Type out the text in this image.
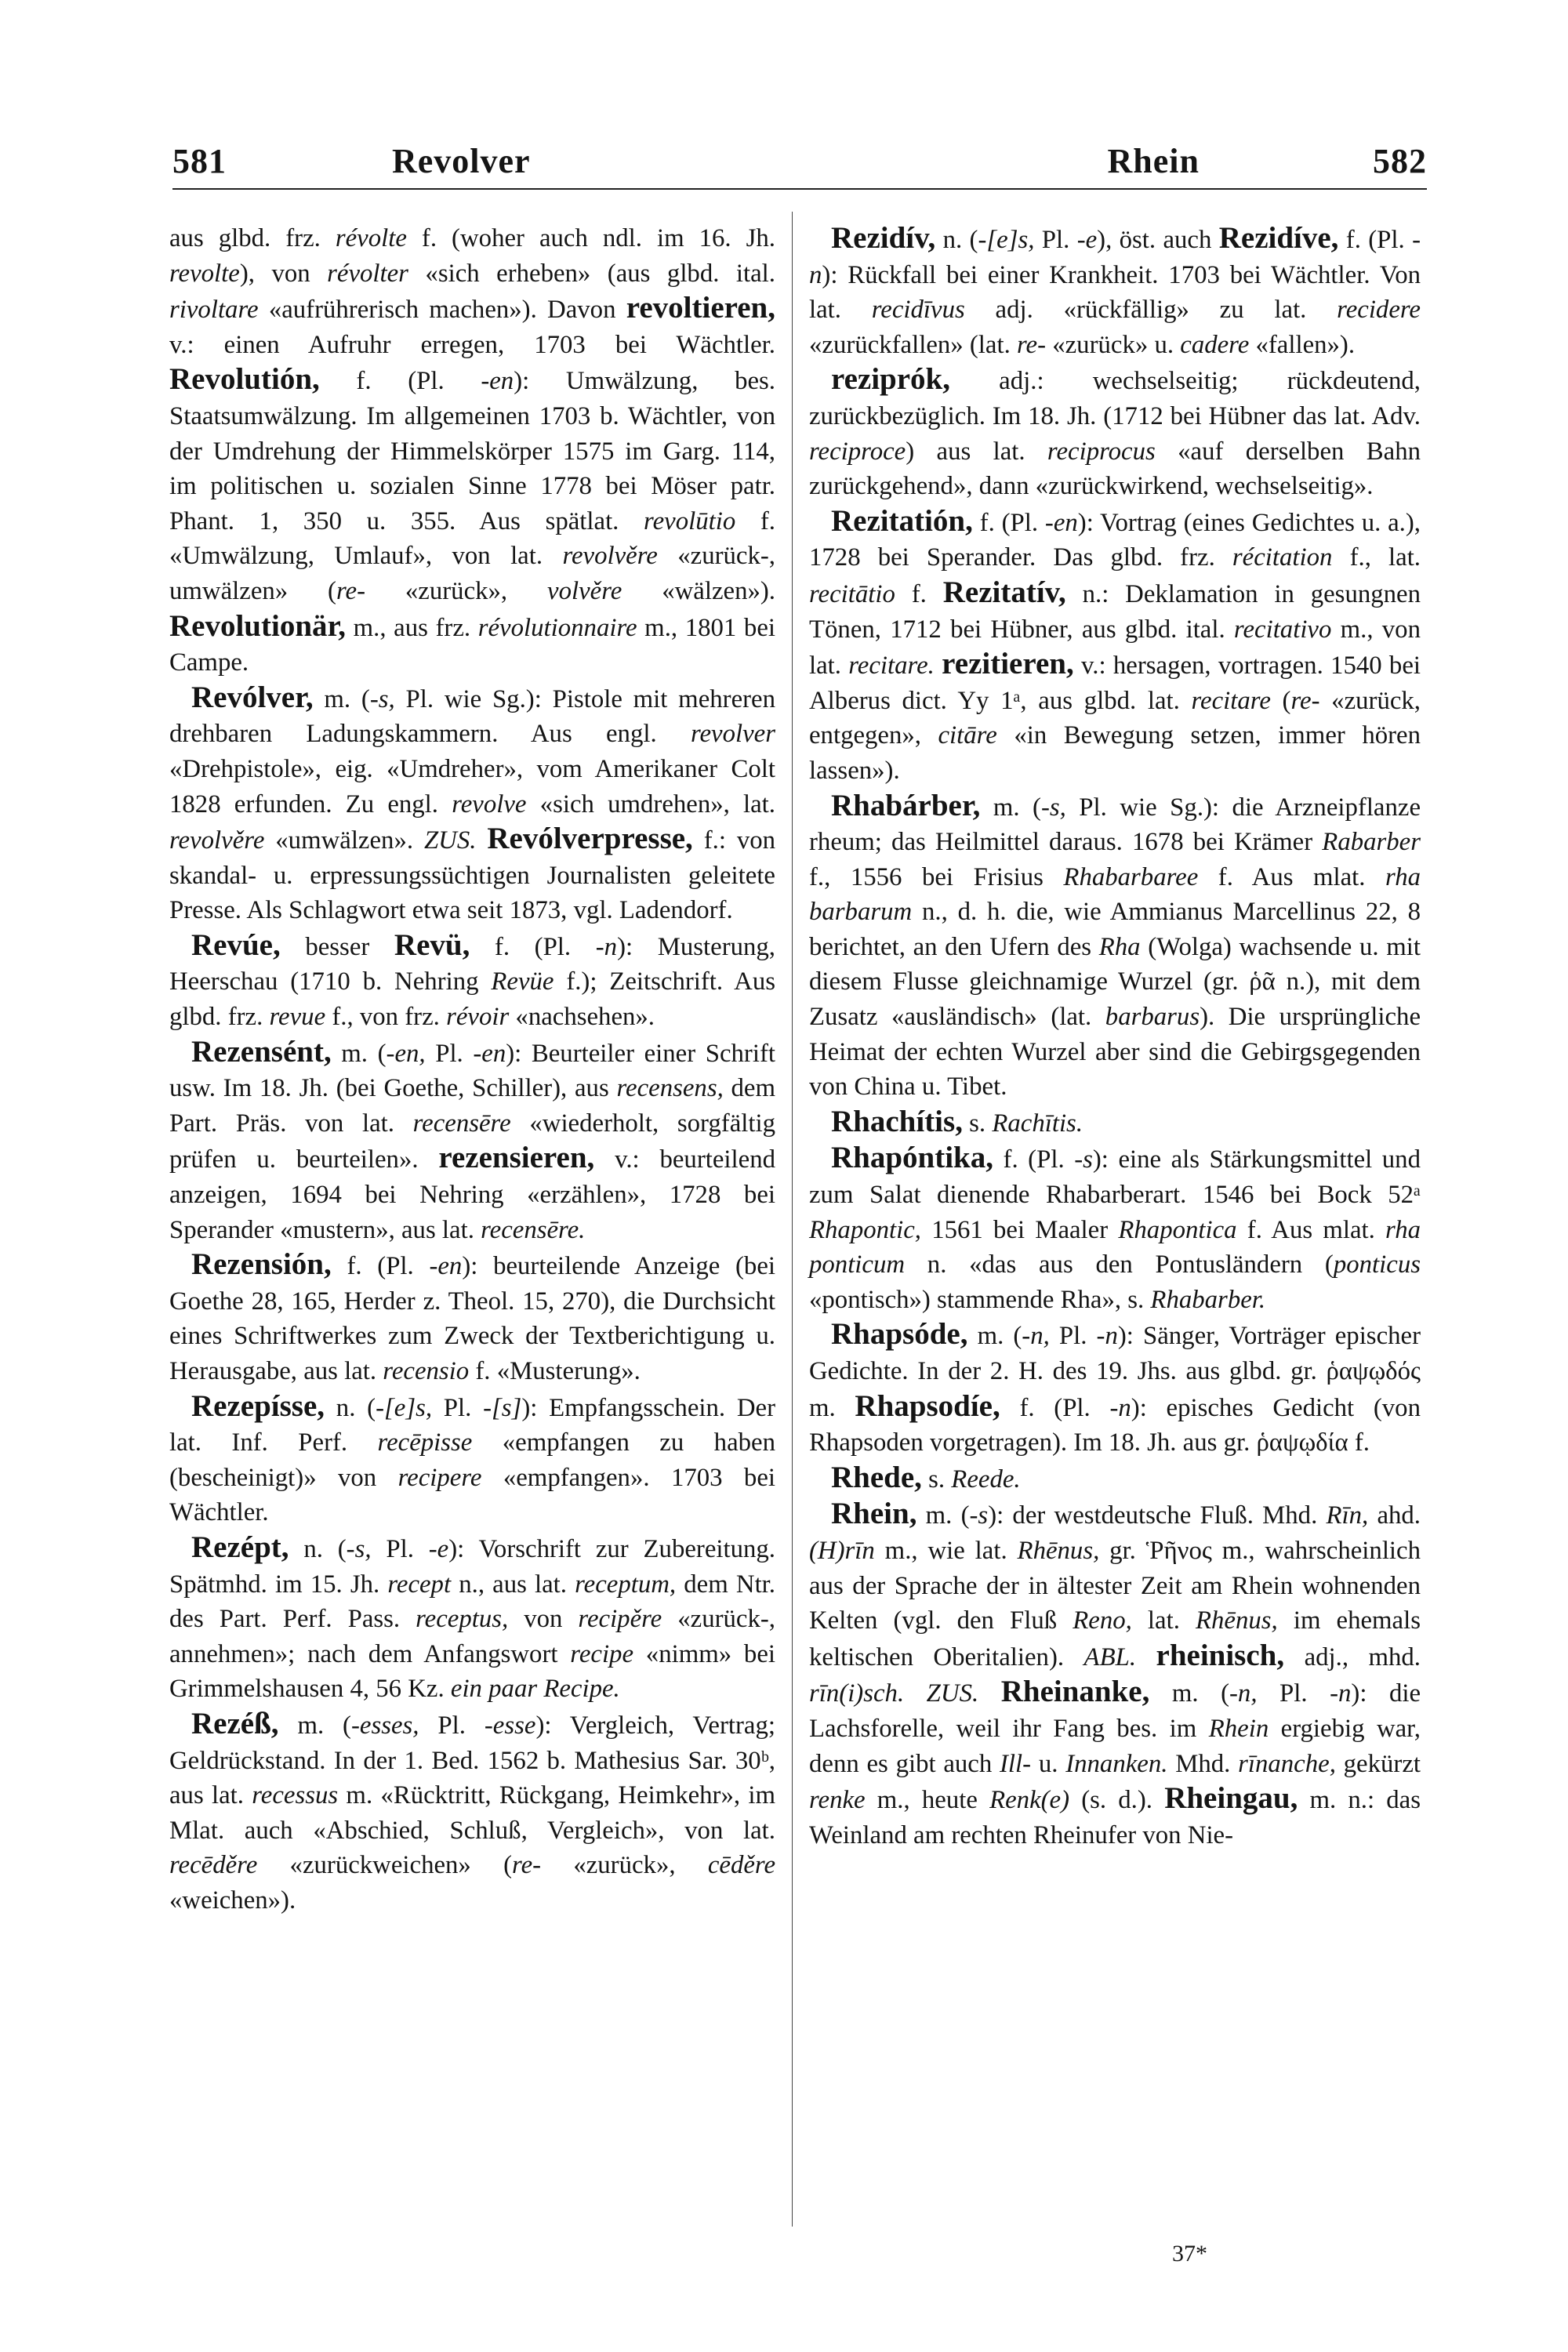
581	Revolver	Rhein	582

aus glbd. frz. révolte f. (woher auch ndl. im 16. Jh. revolte), von révolter «sich erheben» (aus glbd. ital. rivoltare «aufrührerisch machen»). Davon revoltieren, v.: einen Aufruhr erregen, 1703 bei Wächtler. Revolutión, f. (Pl. -en): Umwälzung, bes. Staatsumwälzung. Im allgemeinen 1703 b. Wächtler, von der Umdrehung der Himmelskörper 1575 im Garg. 114, im politischen u. sozialen Sinne 1778 bei Möser patr. Phant. 1, 350 u. 355. Aus spätlat. revolūtio f. «Umwälzung, Umlauf», von lat. revolvěre «zurück-, umwälzen» (re- «zurück», volvěre «wälzen»). Revolutionär, m., aus frz. révolutionnaire m., 1801 bei Campe.

Revólver, m. (-s, Pl. wie Sg.): Pistole mit mehreren drehbaren Ladungskammern. Aus engl. revolver «Drehpistole», eig. «Umdreher», vom Amerikaner Colt 1828 erfunden. Zu engl. revolve «sich umdrehen», lat. revolvěre «umwälzen». ZUS. Revólverpresse, f.: von skandal- u. erpressungssüchtigen Journalisten geleitete Presse. Als Schlagwort etwa seit 1873, vgl. Ladendorf.

Revúe, besser Revü, f. (Pl. -n): Musterung, Heerschau (1710 b. Nehring Revüe f.); Zeitschrift. Aus glbd. frz. revue f., von frz. révoir «nachsehen».

Rezensént, m. (-en, Pl. -en): Beurteiler einer Schrift usw. Im 18. Jh. (bei Goethe, Schiller), aus recensens, dem Part. Präs. von lat. recensēre «wiederholt, sorgfältig prüfen u. beurteilen». rezensieren, v.: beurteilend anzeigen, 1694 bei Nehring «erzählen», 1728 bei Sperander «mustern», aus lat. recensēre.

Rezensión, f. (Pl. -en): beurteilende Anzeige (bei Goethe 28, 165, Herder z. Theol. 15, 270), die Durchsicht eines Schriftwerkes zum Zweck der Textberichtigung u. Herausgabe, aus lat. recensio f. «Musterung».

Rezepísse, n. (-[e]s, Pl. -[s]): Empfangsschein. Der lat. Inf. Perf. recēpisse «empfangen zu haben (bescheinigt)» von recipere «empfangen». 1703 bei Wächtler.

Rezépt, n. (-s, Pl. -e): Vorschrift zur Zubereitung. Spätmhd. im 15. Jh. recept n., aus lat. receptum, dem Ntr. des Part. Perf. Pass. receptus, von recipěre «zurück-, annehmen»; nach dem Anfangswort recipe «nimm» bei Grimmelshausen 4, 56 Kz. ein paar Recipe.

Rezéß, m. (-esses, Pl. -esse): Vergleich, Vertrag; Geldrückstand. In der 1. Bed. 1562 b. Mathesius Sar. 30ᵇ, aus lat. recessus m. «Rücktritt, Rückgang, Heimkehr», im Mlat. auch «Abschied, Schluß, Vergleich», von lat. recēděre «zurückweichen» (re- «zurück», cēděre «weichen»).

Rezidív, n. (-[e]s, Pl. -e), öst. auch Rezidíve, f. (Pl. -n): Rückfall bei einer Krankheit. 1703 bei Wächtler. Von lat. recidīvus adj. «rückfällig» zu lat. recidere «zurückfallen» (lat. re- «zurück» u. cadere «fallen»).

reziprók, adj.: wechselseitig; rückdeutend, zurückbezüglich. Im 18. Jh. (1712 bei Hübner das lat. Adv. reciproce) aus lat. reciprocus «auf derselben Bahn zurückgehend», dann «zurückwirkend, wechselseitig».

Rezitatión, f. (Pl. -en): Vortrag (eines Gedichtes u. a.), 1728 bei Sperander. Das glbd. frz. récitation f., lat. recitātio f. Rezitatív, n.: Deklamation in gesungnen Tönen, 1712 bei Hübner, aus glbd. ital. recitativo m., von lat. recitare. rezitieren, v.: hersagen, vortragen. 1540 bei Alberus dict. Yy 1ᵃ, aus glbd. lat. recitare (re- «zurück, entgegen», citāre «in Bewegung setzen, immer hören lassen»).

Rhabárber, m. (-s, Pl. wie Sg.): die Arzneipflanze rheum; das Heilmittel daraus. 1678 bei Krämer Rabarber f., 1556 bei Frisius Rhabarbaree f. Aus mlat. rha barbarum n., d. h. die, wie Ammianus Marcellinus 22, 8 berichtet, an den Ufern des Rha (Wolga) wachsende u. mit diesem Flusse gleichnamige Wurzel (gr. ῥᾶ n.), mit dem Zusatz «ausländisch» (lat. barbarus). Die ursprüngliche Heimat der echten Wurzel aber sind die Gebirgsgegenden von China u. Tibet.

Rhachítis, s. Rachītis.

Rhapóntika, f. (Pl. -s): eine als Stärkungsmittel und zum Salat dienende Rhabarberart. 1546 bei Bock 52ᵃ Rhapontic, 1561 bei Maaler Rhapontica f. Aus mlat. rha ponticum n. «das aus den Pontusländern (ponticus «pontisch») stammende Rha», s. Rhabarber.

Rhapsóde, m. (-n, Pl. -n): Sänger, Vorträger epischer Gedichte. In der 2. H. des 19. Jhs. aus glbd. gr. ῥαψῳδός m. Rhapsodíe, f. (Pl. -n): episches Gedicht (von Rhapsoden vorgetragen). Im 18. Jh. aus gr. ῥαψῳδία f.

Rhede, s. Reede.

Rhein, m. (-s): der westdeutsche Fluß. Mhd. Rīn, ahd. (H)rīn m., wie lat. Rhēnus, gr. Ῥῆνος m., wahrscheinlich aus der Sprache der in ältester Zeit am Rhein wohnenden Kelten (vgl. den Fluß Reno, lat. Rhēnus, im ehemals keltischen Oberitalien). ABL. rheinisch, adj., mhd. rīn(i)sch. ZUS. Rheinanke, m. (-n, Pl. -n): die Lachsforelle, weil ihr Fang bes. im Rhein ergiebig war, denn es gibt auch Ill- u. Innanken. Mhd. rīnanche, gekürzt renke m., heute Renk(e) (s. d.). Rheingau, m. n.: das Weinland am rechten Rheinufer von Nie-

37*
